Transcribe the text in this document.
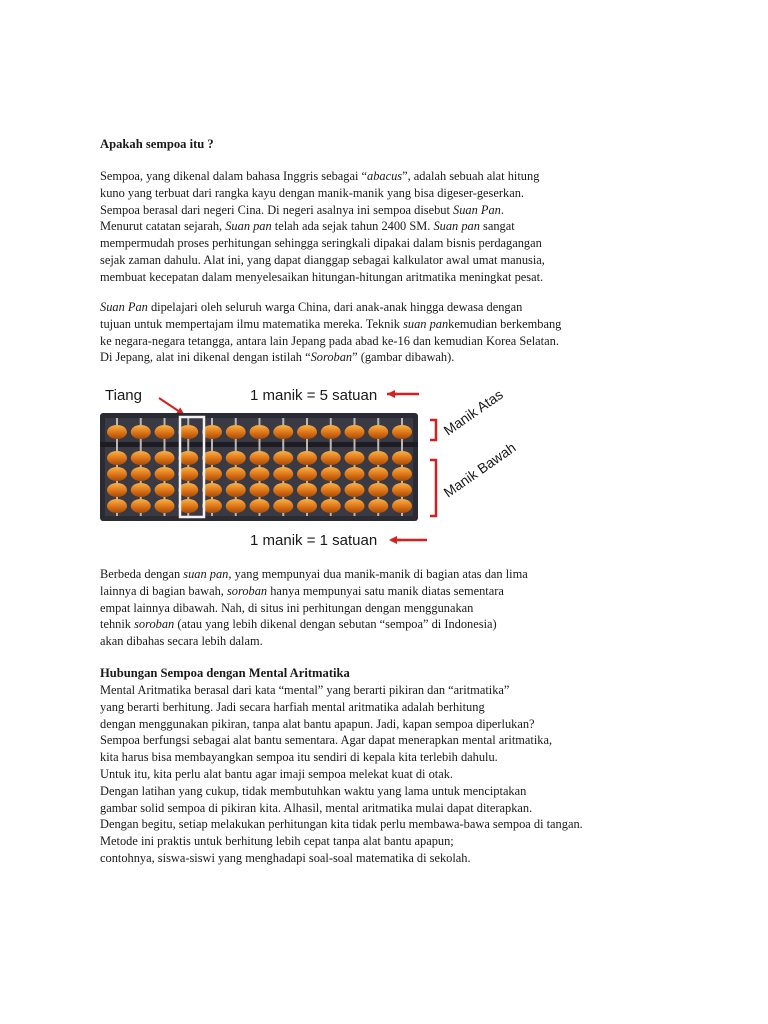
Apakah sempoa itu ?
Sempoa, yang dikenal dalam bahasa Inggris sebagai “abacus”, adalah sebuah alat hitung
kuno yang terbuat dari rangka kayu dengan manik-manik yang bisa digeser-geserkan.
Sempoa berasal dari negeri Cina. Di negeri asalnya ini sempoa disebut Suan Pan.
Menurut catatan sejarah, Suan pan telah ada sejak tahun 2400 SM. Suan pan sangat
mempermudah proses perhitungan sehingga seringkali dipakai dalam bisnis perdagangan
sejak zaman dahulu. Alat ini, yang dapat dianggap sebagai kalkulator awal umat manusia,
membuat kecepatan dalam menyelesaikan hitungan-hitungan aritmatika meningkat pesat.
Suan Pan dipelajari oleh seluruh warga China, dari anak-anak hingga dewasa dengan
tujuan untuk mempertajam ilmu matematika mereka. Teknik suan pankemudian berkembang
ke negara-negara tetangga, antara lain Jepang pada abad ke-16 dan kemudian Korea Selatan.
Di Jepang, alat ini dikenal dengan istilah “Soroban” (gambar dibawah).
Tiang	1 manik = 5 satuan
1 manik = 1 satuan
Manik Atas
Manik Bawah
Berbeda dengan suan pan, yang mempunyai dua manik-manik di bagian atas dan lima
lainnya di bagian bawah, soroban hanya mempunyai satu manik diatas sementara
empat lainnya dibawah. Nah, di situs ini perhitungan dengan menggunakan
tehnik soroban (atau yang lebih dikenal dengan sebutan “sempoa” di Indonesia)
akan dibahas secara lebih dalam.
Hubungan Sempoa dengan Mental Aritmatika
Mental Aritmatika berasal dari kata “mental” yang berarti pikiran dan “aritmatika”
yang berarti berhitung. Jadi secara harfiah mental aritmatika adalah berhitung
dengan menggunakan pikiran, tanpa alat bantu apapun. Jadi, kapan sempoa diperlukan?
Sempoa berfungsi sebagai alat bantu sementara. Agar dapat menerapkan mental aritmatika,
kita harus bisa membayangkan sempoa itu sendiri di kepala kita terlebih dahulu.
Untuk itu, kita perlu alat bantu agar imaji sempoa melekat kuat di otak.
Dengan latihan yang cukup, tidak membutuhkan waktu yang lama untuk menciptakan
gambar solid sempoa di pikiran kita. Alhasil, mental aritmatika mulai dapat diterapkan.
Dengan begitu, setiap melakukan perhitungan kita tidak perlu membawa-bawa sempoa di tangan.
Metode ini praktis untuk berhitung lebih cepat tanpa alat bantu apapun;
contohnya, siswa-siswi yang menghadapi soal-soal matematika di sekolah.
